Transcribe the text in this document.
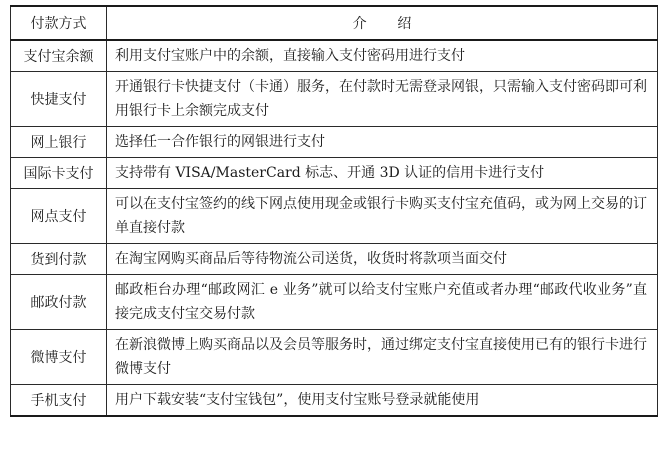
付款方式	介绍
支付宝余额	利用支付宝账户中的余额，直接输入支付密码用进行支付
快捷支付	开通银行卡快捷支付（卡通）服务，在付款时无需登录网银，只需输入支付密码即可利用银行卡上余额完成支付
网上银行	选择任一合作银行的网银进行支付
国际卡支付	支持带有 VISA/MasterCard 标志、开通 3D 认证的信用卡进行支付
网点支付	可以在支付宝签约的线下网点使用现金或银行卡购买支付宝充值码，或为网上交易的订单直接付款
货到付款	在淘宝网购买商品后等待物流公司送货，收货时将款项当面交付
邮政付款	邮政柜台办理“邮政网汇 e 业务”就可以给支付宝账户充值或者办理“邮政代收业务”直接完成支付宝交易付款
微博支付	在新浪微博上购买商品以及会员等服务时，通过绑定支付宝直接使用已有的银行卡进行微博支付
手机支付	用户下载安装“支付宝钱包”，使用支付宝账号登录就能使用
